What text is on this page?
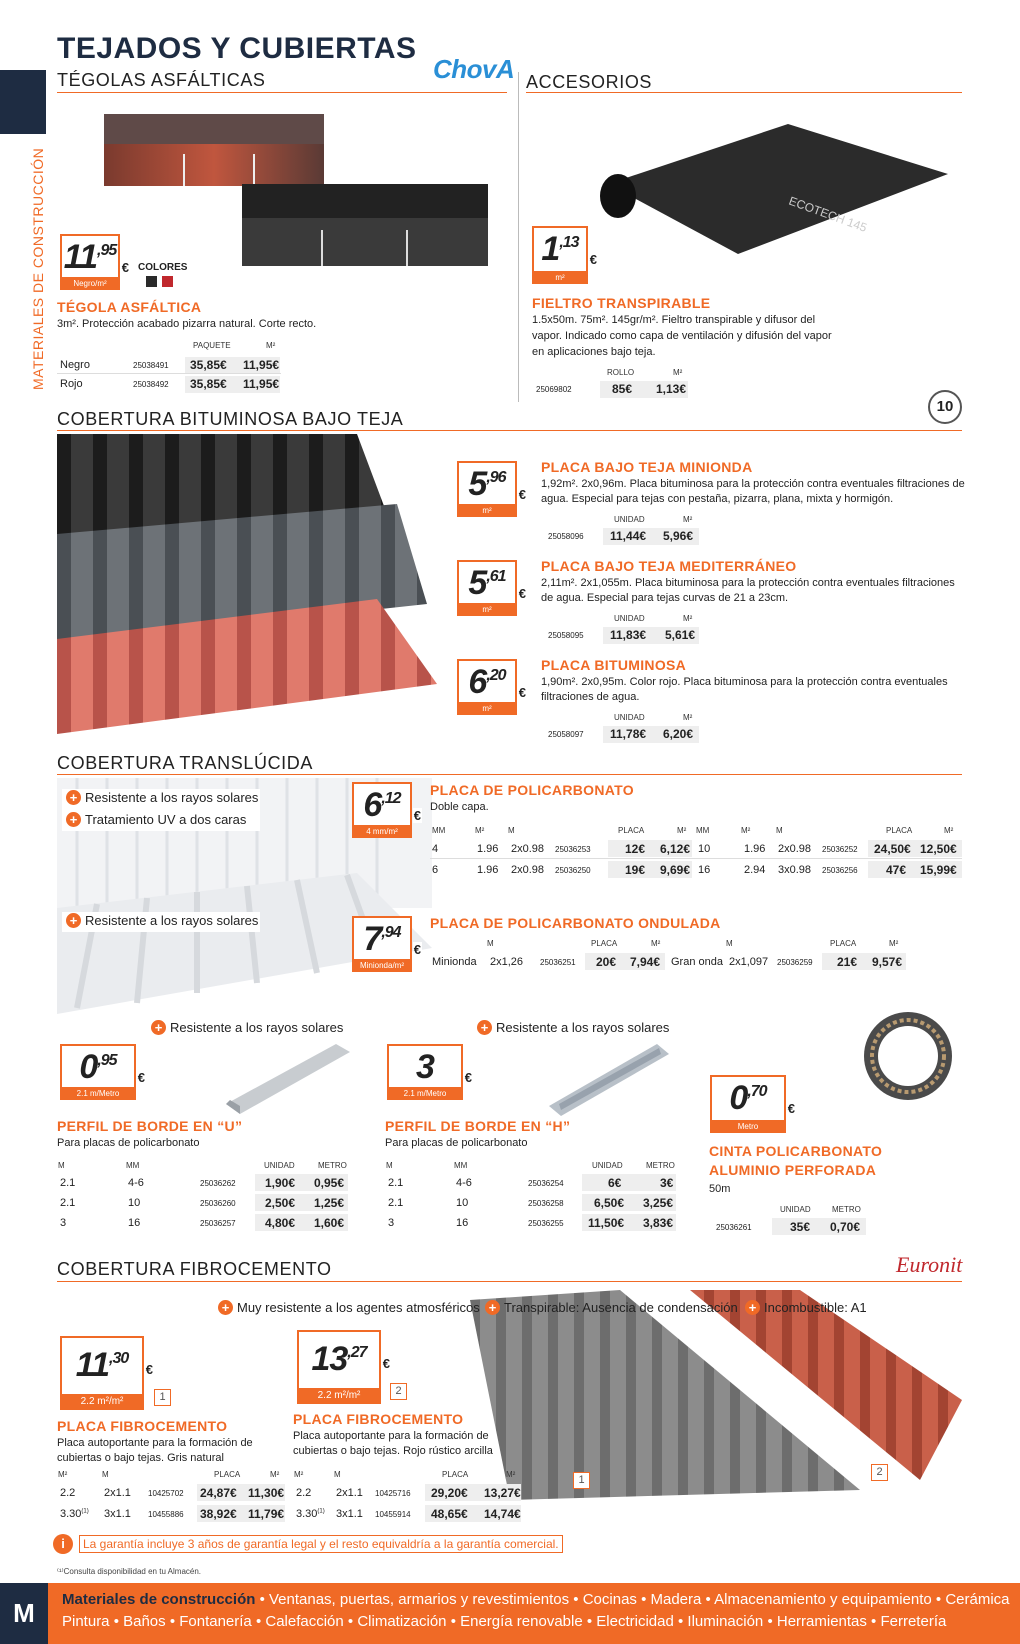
MATERIALES DE CONSTRUCCIÓN
TEJADOS Y CUBIERTAS
TÉGOLAS ASFÁLTICAS	ChovA ACCESORIOS
$11^{,95}$
€
Negro/m²
COLORES
TÉGOLA ASFÁLTICA
3m². Protección acabado pizarra natural. Corte recto.
PAQUETE	M²
Negro	25038491 35,85€ 11,95€
Rojo	25038492 35,85€ 11,95€
ECOTECH 145
$1^{,13}$
€
m²
FIELTRO TRANSPIRABLE
1.5x50m. 75m². 145gr/m². Fieltro transpirable y difusor del
vapor. Indicado como capa de ventilación y difusión del vapor
en aplicaciones bajo teja.
ROLLO	M²
25069802	85€ 1,13€
10
COBERTURA BITUMINOSA BAJO TEJA
$5^{,96}$
€
m²
PLACA BAJO TEJA MINIONDA
1,92m². 2x0,96m. Placa bituminosa para la protección contra eventuales filtraciones de
agua. Especial para tejas con pestaña, pizarra, plana, mixta y hormigón.
UNIDAD	M²
25058096 11,44€ 5,96€
$5^{,61}$
€
m²
PLACA BAJO TEJA MEDITERRÁNEO
2,11m². 2x1,055m. Placa bituminosa para la protección contra eventuales filtraciones
de agua. Especial para tejas curvas de 21 a 23cm.
UNIDAD	M²
25058095 11,83€ 5,61€
$6^{,20}$
€
m²
PLACA BITUMINOSA
1,90m². 2x0,95m. Color rojo. Placa bituminosa para la protección contra eventuales
filtraciones de agua.
UNIDAD	M²
25058097 11,78€ 6,20€
COBERTURA TRANSLÚCIDA
+ Resistente a los rayos solares
+ Tratamiento UV a dos caras	$6^{,12}$
€
4 mm/m²
PLACA DE POLICARBONATO
Doble capa.
MM	M²	M	PLACA	M² MM	M²	M	PLACA	M²
4	1.96 2x0.98 25036253	12€ 6,12€ 10	1.96 2x0.98 25036252 24,50€ 12,50€
6	1.96 2x0.98 25036250	19€ 9,69€ 16	2.94 3x0.98 25036256 47€ 15,99€
+ Resistente a los rayos solares	$7^{,94}$
€
Minionda/m²
PLACA DE POLICARBONATO ONDULADA
M	PLACA	M²	M	PLACA	M²
Minionda 2x1,26 25036251 20€ 7,94€ Gran onda 2x1,097 25036259 21€ 9,57€
+ Resistente a los rayos solares	+ Resistente a los rayos solares
$0^{,95}$
€
2.1 m/Metro
PERFIL DE BORDE EN “U”
Para placas de policarbonato
M	MM	UNIDAD	METRO
2.1	4-6	25036262 1,90€ 0,95€
2.1	10	25036260 2,50€ 1,25€
3	16	25036257 4,80€ 1,60€
3	€
2.1 m/Metro
PERFIL DE BORDE EN “H”
Para placas de policarbonato
M	MM	UNIDAD	METRO
2.1	4-6	25036254	6€	3€
2.1	10	25036258	6,50€ 3,25€
3	16	25036255 11,50€ 3,83€
$0^{,70}$
€
Metro
CINTA POLICARBONATO
ALUMINIO PERFORADA
50m
UNIDAD	METRO
25036261	35€ 0,70€
COBERTURA FIBROCEMENTO	Euronit
+ Muy resistente a los agentes atmosféricos + Transpirable: Ausencia de condensación + Incombustible: A1
1
2
$11^{,30}$
€
2.2 m²/m²	1
PLACA FIBROCEMENTO
Placa autoportante para la formación de
cubiertas o bajo tejas. Gris natural
M²	M	PLACA	M²
2.2	2x1.1 10425702 24,87€ 11,30€
3.30$^{(1)}$ 3x1.1 10455886 38,92€ 11,79€
$13^{,27}$
€
2.2 m²/m²	2
PLACA FIBROCEMENTO
Placa autoportante para la formación de
cubiertas o bajo tejas. Rojo rústico arcilla
M²	M	PLACA	M²
2.2 2x1.1 10425716 29,20€ 13,27€
3.30$^{(1)}$ 3x1.1 10455914 48,65€ 14,74€
i	La garantía incluye 3 años de garantía legal y el resto equivaldría a la garantía comercial.
⁽¹⁾Consulta disponibilidad en tu Almacén.
M	Materiales de construcción • Ventanas, puertas, armarios y revestimientos • Cocinas • Madera • Almacenamiento y equipamiento • Cerámica
Pintura • Baños • Fontanería • Calefacción • Climatización • Energía renovable • Electricidad • Iluminación • Herramientas • Ferretería
